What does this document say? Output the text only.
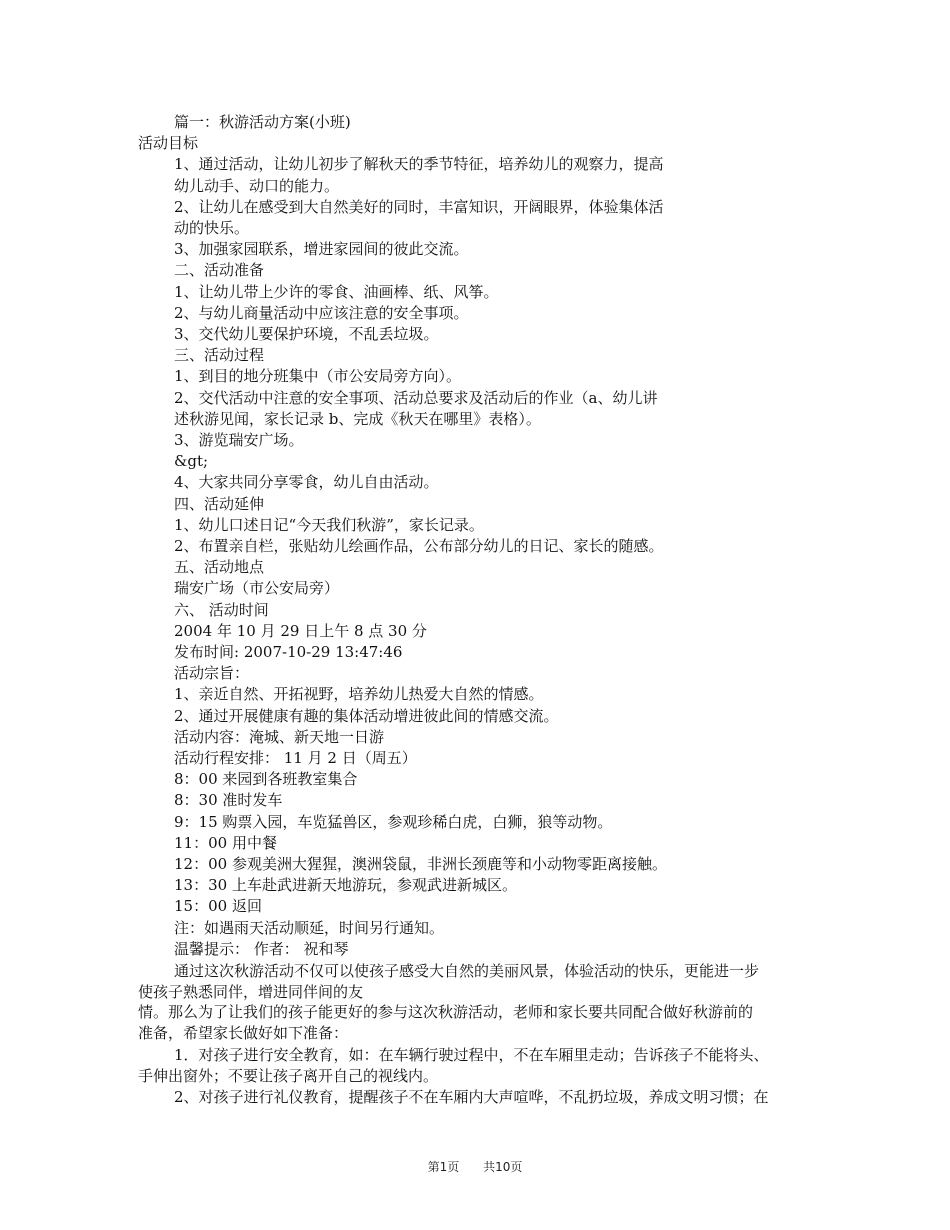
篇一：秋游活动方案(小班)
活动目标
1、通过活动，让幼儿初步了解秋天的季节特征，培养幼儿的观察力，提高
幼儿动手、动口的能力。
2、让幼儿在感受到大自然美好的同时，丰富知识，开阔眼界，体验集体活
动的快乐。
3、加强家园联系，增进家园间的彼此交流。
二、活动准备
1、让幼儿带上少许的零食、油画棒、纸、风筝。
2、与幼儿商量活动中应该注意的安全事项。
3、交代幼儿要保护环境，不乱丢垃圾。
三、活动过程
1、到目的地分班集中（市公安局旁方向）。
2、交代活动中注意的安全事项、活动总要求及活动后的作业（a、幼儿讲
述秋游见闻，家长记录 b、完成《秋天在哪里》表格）。
3、游览瑞安广场。
&gt;
4、大家共同分享零食，幼儿自由活动。
四、活动延伸
1、幼儿口述日记“今天我们秋游”，家长记录。
2、布置亲自栏，张贴幼儿绘画作品，公布部分幼儿的日记、家长的随感。
五、活动地点
瑞安广场（市公安局旁）
六、 活动时间
2004 年 10 月 29 日上午 8 点 30 分
发布时间: 2007-10-29 13:47:46
活动宗旨：
1、亲近自然、开拓视野，培养幼儿热爱大自然的情感。
2、通过开展健康有趣的集体活动增进彼此间的情感交流。
活动内容：淹城、新天地一日游
活动行程安排： 11 月 2 日（周五）
8：00 来园到各班教室集合
8：30 准时发车
9：15 购票入园，车览猛兽区，参观珍稀白虎，白狮，狼等动物。
11：00 用中餐
12：00 参观美洲大猩猩，澳洲袋鼠，非洲长颈鹿等和小动物零距离接触。
13：30 上车赴武进新天地游玩，参观武进新城区。
15：00 返回
注：如遇雨天活动顺延，时间另行通知。
温馨提示： 作者： 祝和琴
通过这次秋游活动不仅可以使孩子感受大自然的美丽风景，体验活动的快乐，更能进一步
使孩子熟悉同伴，增进同伴间的友
情。那么为了让我们的孩子能更好的参与这次秋游活动，老师和家长要共同配合做好秋游前的
准备，希望家长做好如下准备：
1．对孩子进行安全教育，如：在车辆行驶过程中，不在车厢里走动；告诉孩子不能将头、
手伸出窗外；不要让孩子离开自己的视线内。
2、对孩子进行礼仪教育，提醒孩子不在车厢内大声喧哗，不乱扔垃圾，养成文明习惯；在
第1页 共10页
